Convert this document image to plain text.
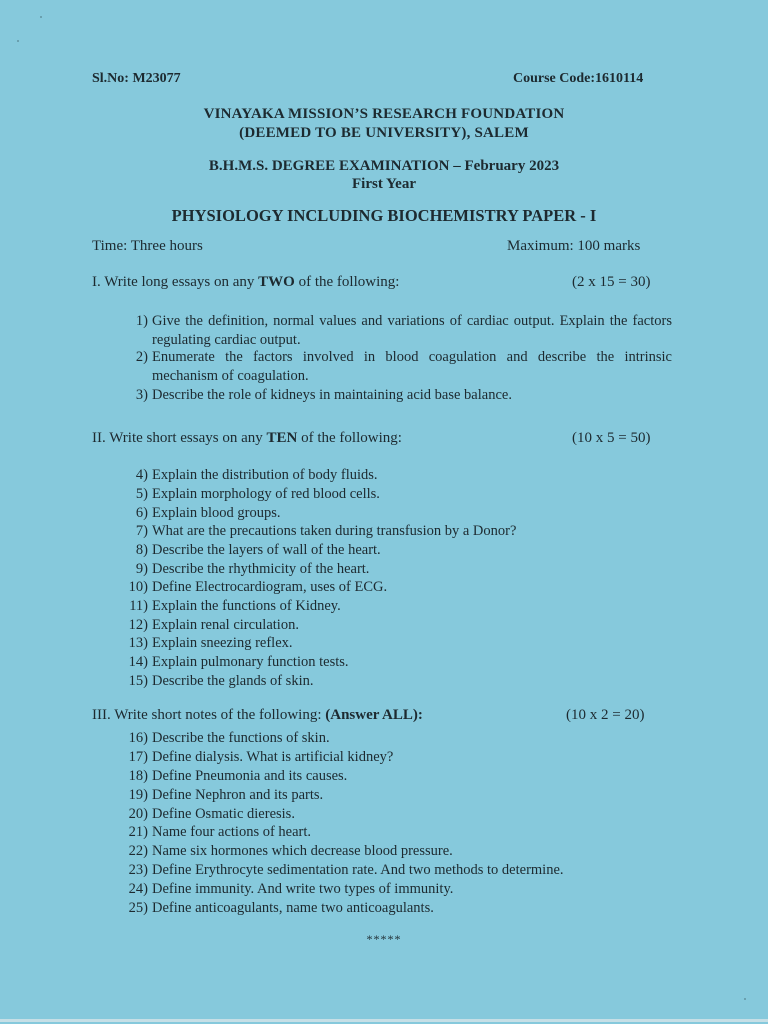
Sl.No: M23077	Course Code:1610114
VINAYAKA MISSION’S RESEARCH FOUNDATION
(DEEMED TO BE UNIVERSITY), SALEM
B.H.M.S. DEGREE EXAMINATION – February 2023
First Year
PHYSIOLOGY INCLUDING BIOCHEMISTRY PAPER - I
Time: Three hours	Maximum: 100 marks
I. Write long essays on any TWO of the following:	(2 x 15 = 30)
1) Give the definition, normal values and variations of cardiac output. Explain the factors regulating cardiac output.
2) Enumerate the factors involved in blood coagulation and describe the intrinsic mechanism of coagulation.
3) Describe the role of kidneys in maintaining acid base balance.
II. Write short essays on any TEN of the following:	(10 x 5 = 50)
4) Explain the distribution of body fluids.
5) Explain morphology of red blood cells.
6) Explain blood groups.
7) What are the precautions taken during transfusion by a Donor?
8) Describe the layers of wall of the heart.
9) Describe the rhythmicity of the heart.
10) Define Electrocardiogram, uses of ECG.
11) Explain the functions of Kidney.
12) Explain renal circulation.
13) Explain sneezing reflex.
14) Explain pulmonary function tests.
15) Describe the glands of skin.
III. Write short notes of the following: (Answer ALL):	(10 x 2 = 20)
16) Describe the functions of skin.
17) Define dialysis. What is artificial kidney?
18) Define Pneumonia and its causes.
19) Define Nephron and its parts.
20) Define Osmatic dieresis.
21) Name four actions of heart.
22) Name six hormones which decrease blood pressure.
23) Define Erythrocyte sedimentation rate. And two methods to determine.
24) Define immunity. And write two types of immunity.
25) Define anticoagulants, name two anticoagulants.
*****
